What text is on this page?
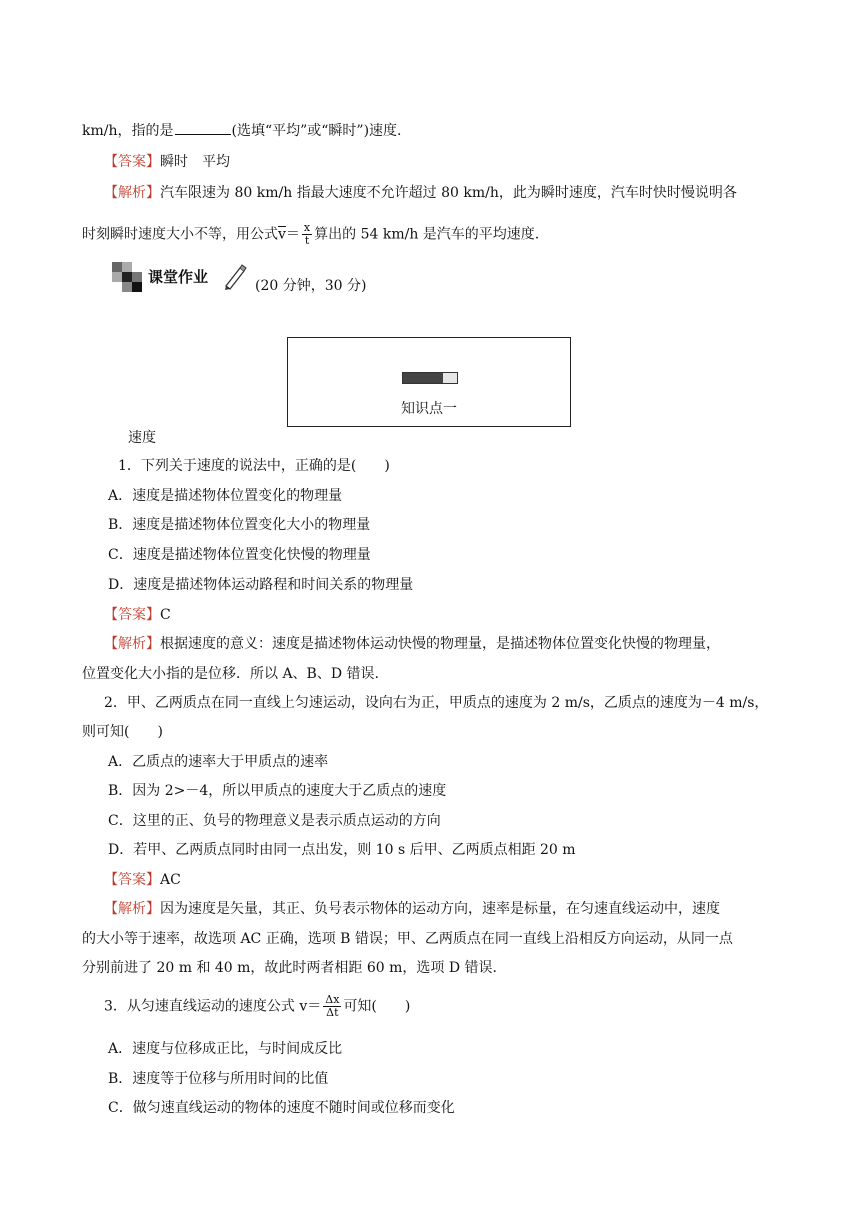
km/h，指的是	(选填“平均”或“瞬时”)速度.
【答案】瞬时　平均
【解析】汽车限速为 80 km/h 指最大速度不允许超过 80 km/h，此为瞬时速度，汽车时快时慢说明各
时刻瞬时速度大小不等，用公式$\overline{v}= \frac{x}{t}$ 算出的 54 km/h 是汽车的平均速度.
课堂作业	(20 分钟，30 分)
知识点一
速度
1．下列关于速度的说法中，正确的是(　　)
A．速度是描述物体位置变化的物理量
B．速度是描述物体位置变化大小的物理量
C．速度是描述物体位置变化快慢的物理量
D．速度是描述物体运动路程和时间关系的物理量
【答案】C
【解析】根据速度的意义：速度是描述物体运动快慢的物理量，是描述物体位置变化快慢的物理量，
位置变化大小指的是位移．所以 A、B、D 错误.
2．甲、乙两质点在同一直线上匀速运动，设向右为正，甲质点的速度为 2 m/s，乙质点的速度为－4 m/s，
则可知(　　)
A．乙质点的速率大于甲质点的速率
B．因为 2>－4，所以甲质点的速度大于乙质点的速度
C．这里的正、负号的物理意义是表示质点运动的方向
D．若甲、乙两质点同时由同一点出发，则 10 s 后甲、乙两质点相距 20 m
【答案】AC
【解析】因为速度是矢量，其正、负号表示物体的运动方向，速率是标量，在匀速直线运动中，速度
的大小等于速率，故选项 AC 正确，选项 B 错误；甲、乙两质点在同一直线上沿相反方向运动，从同一点
分别前进了 20 m 和 40 m，故此时两者相距 60 m，选项 D 错误.
3．从匀速直线运动的速度公式 $v= \frac{\Delta x}{\Delta t}$ 可知(　　)
A．速度与位移成正比，与时间成反比
B．速度等于位移与所用时间的比值
C．做匀速直线运动的物体的速度不随时间或位移而变化
